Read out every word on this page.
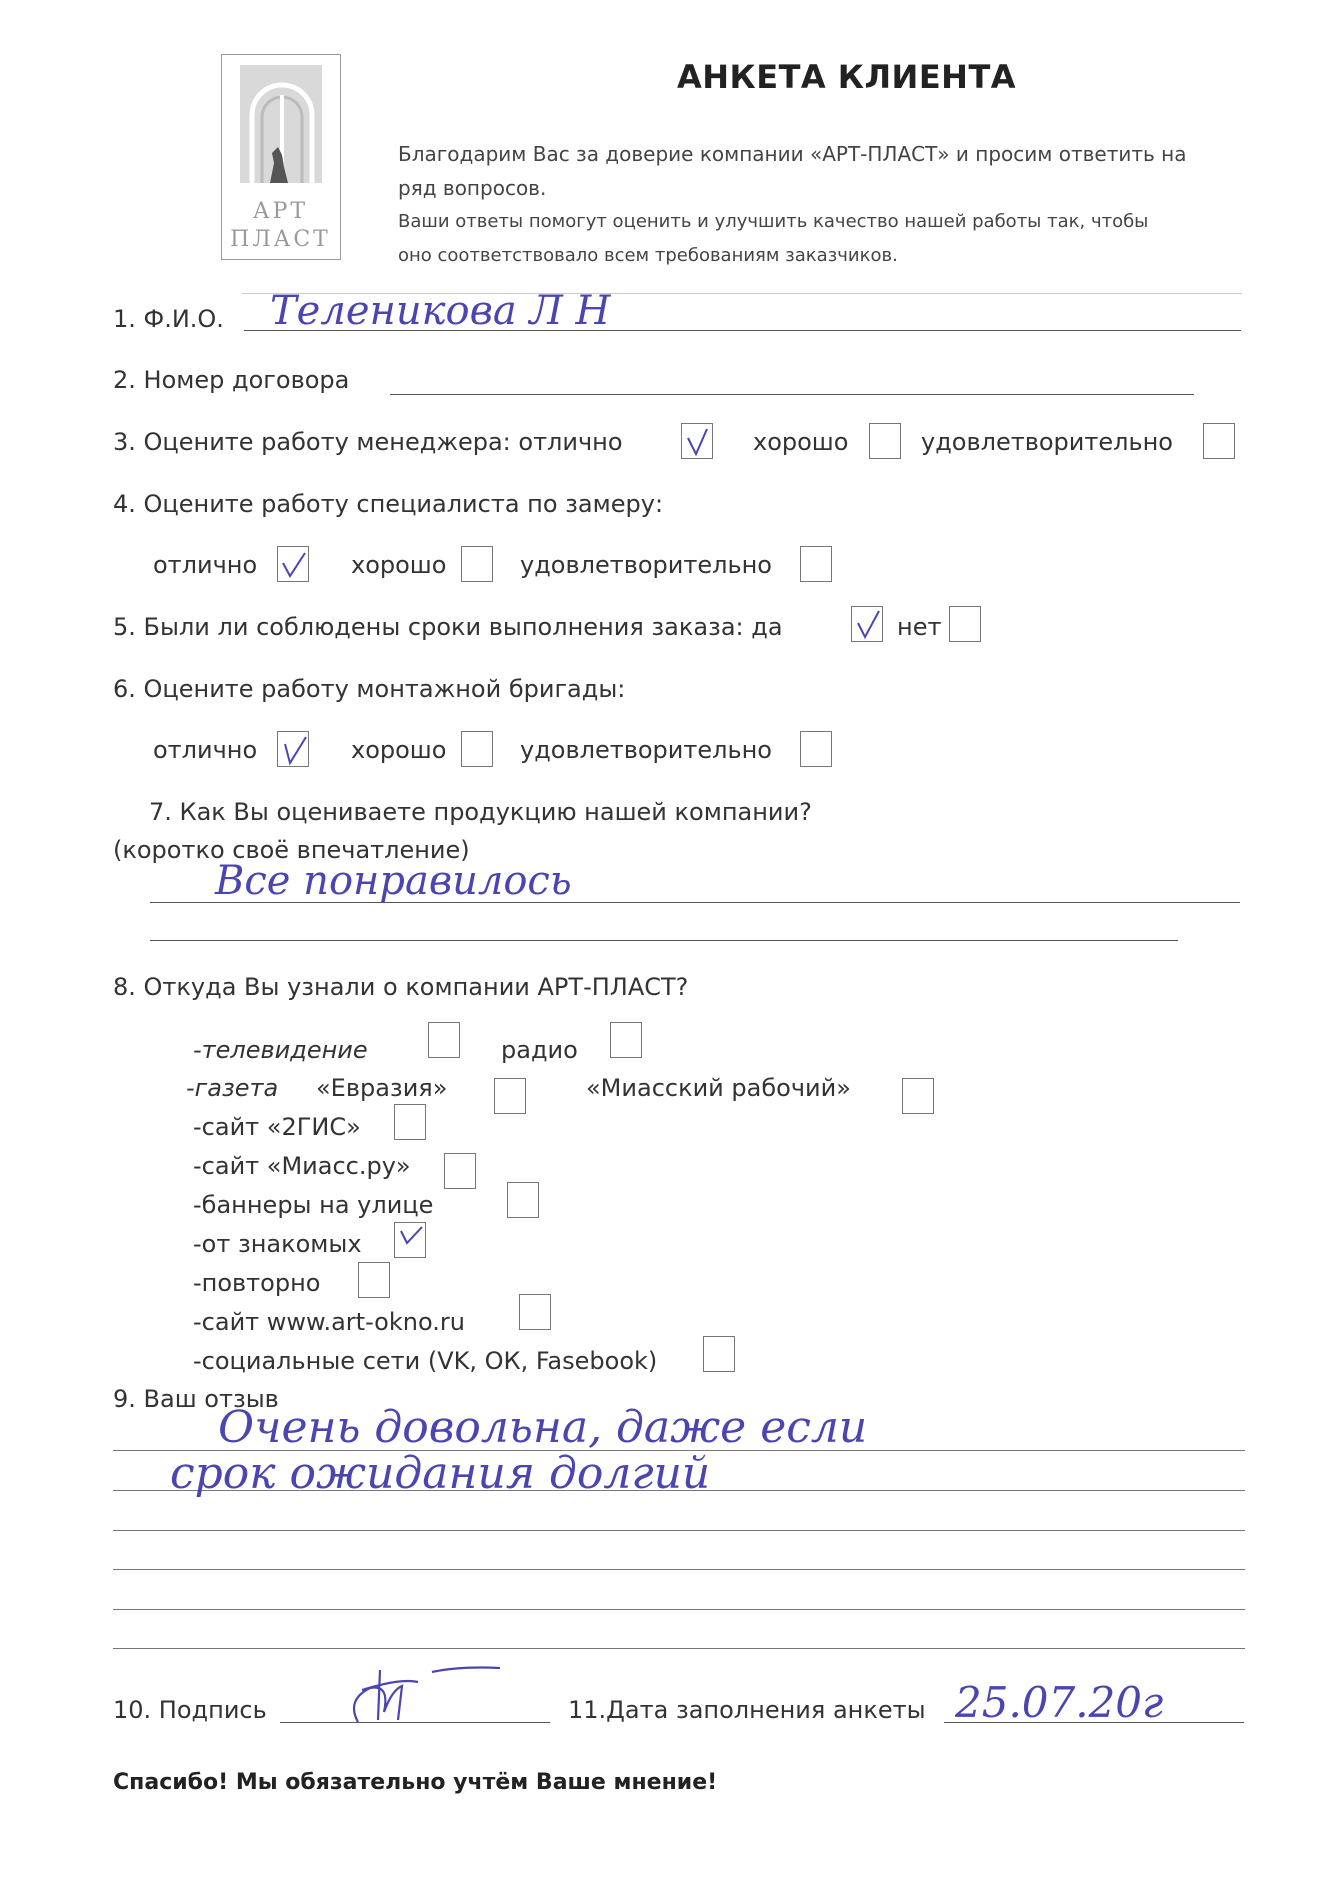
АРТ
ПЛАСТ
АНКЕТА КЛИЕНТА
Благодарим Вас за доверие компании «АРТ-ПЛАСТ» и просим ответить на
ряд вопросов.
Ваши ответы помогут оценить и улучшить качество нашей работы так, чтобы
оно соответствовало всем требованиям заказчиков.
1. Ф.И.О. Теленикова Л Н
2. Номер договора
3. Оцените работу менеджера: отлично	хорошо	удовлетворительно
4. Оцените работу специалиста по замеру:
отлично	хорошо	удовлетворительно
5. Были ли соблюдены сроки выполнения заказа: да	нет
6. Оцените работу монтажной бригады:
отлично	хорошо	удовлетворительно
7. Как Вы оцениваете продукцию нашей компании?
(коротко своё впечатление)
Все понравилось
8. Откуда Вы узнали о компании АРТ-ПЛАСТ?
-телевидение	радио
-газета «Евразия»	«Миасский рабочий»
-сайт «2ГИС»
-сайт «Миасс.ру»
-баннеры на улице
-от знакомых
-повторно
-сайт www.art-okno.ru
-социальные сети (VK, ОК, Fasebook)
9. Ваш отзыв
Очень довольна, даже если
срок ожидания долгий
10. Подпись	11.Дата заполнения анкеты 25.07.20г
Спасибо! Мы обязательно учтём Ваше мнение!
